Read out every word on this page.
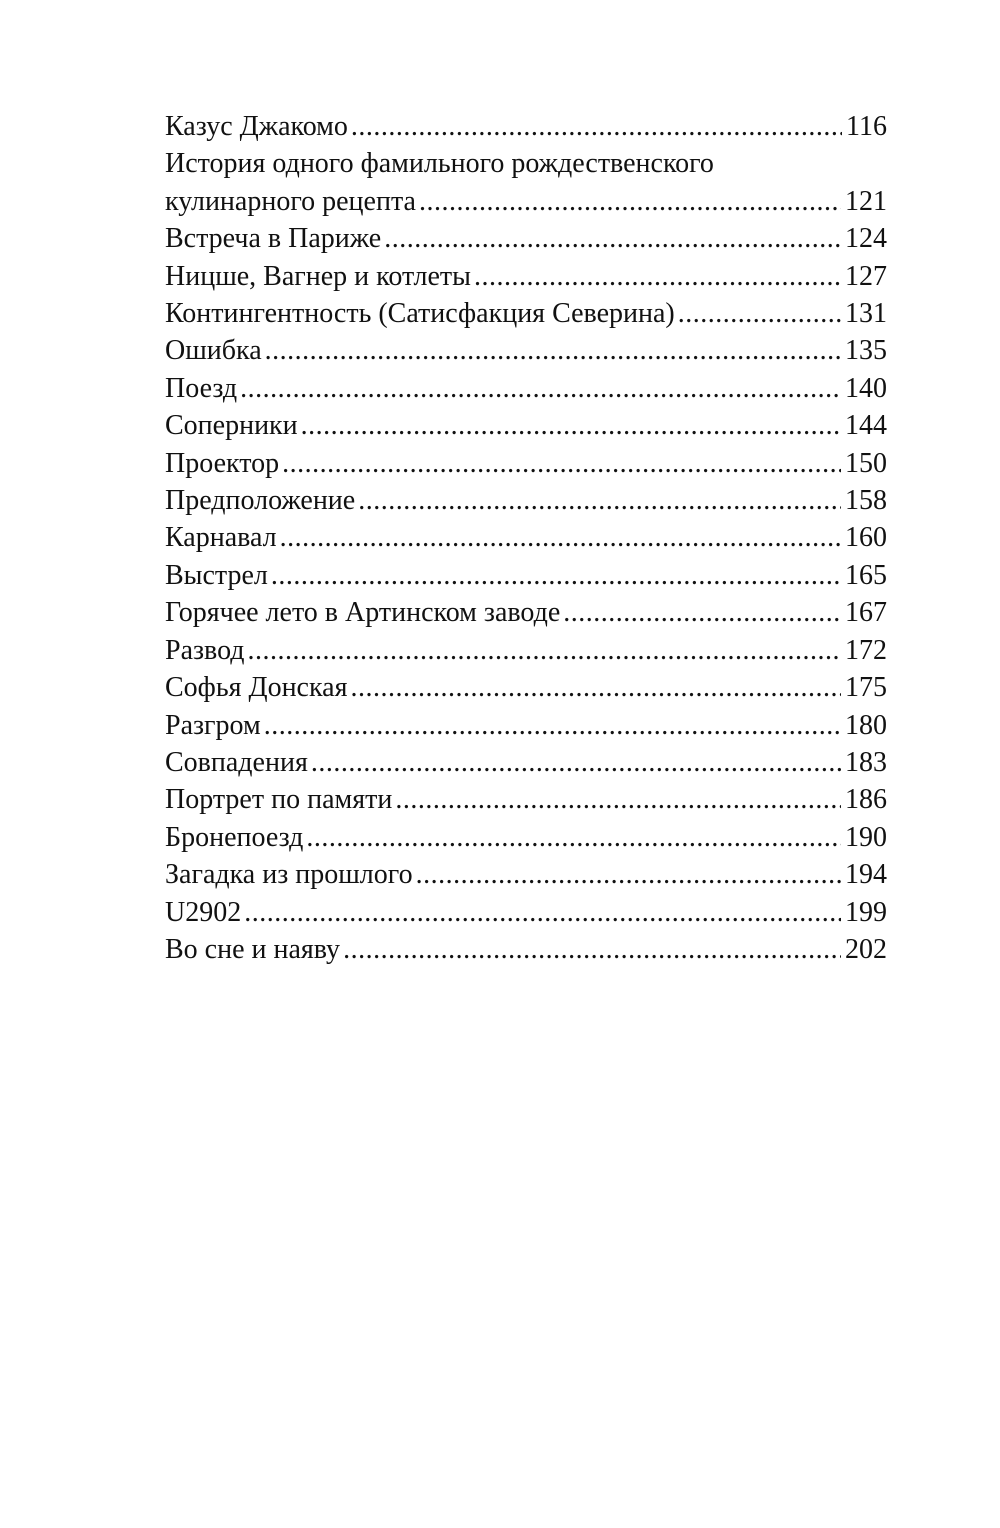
Казус Джакомо .....	116
История одного фамильного рождественского
кулинарного рецепта .....	121
Встреча в Париже .....	124
Ницше, Вагнер и котлеты .....	127
Контингентность (Сатисфакция Северина) .....	131
Ошибка .....	135
Поезд .....	140
Соперники .....	144
Проектор .....	150
Предположение .....	158
Карнавал .....	160
Выстрел .....	165
Горячее лето в Артинском заводе .....	167
Развод .....	172
Софья Донская .....	175
Разгром .....	180
Совпадения .....	183
Портрет по памяти .....	186
Бронепоезд .....	190
Загадка из прошлого .....	194
U2902 .....	199
Во сне и наяву .....	202
